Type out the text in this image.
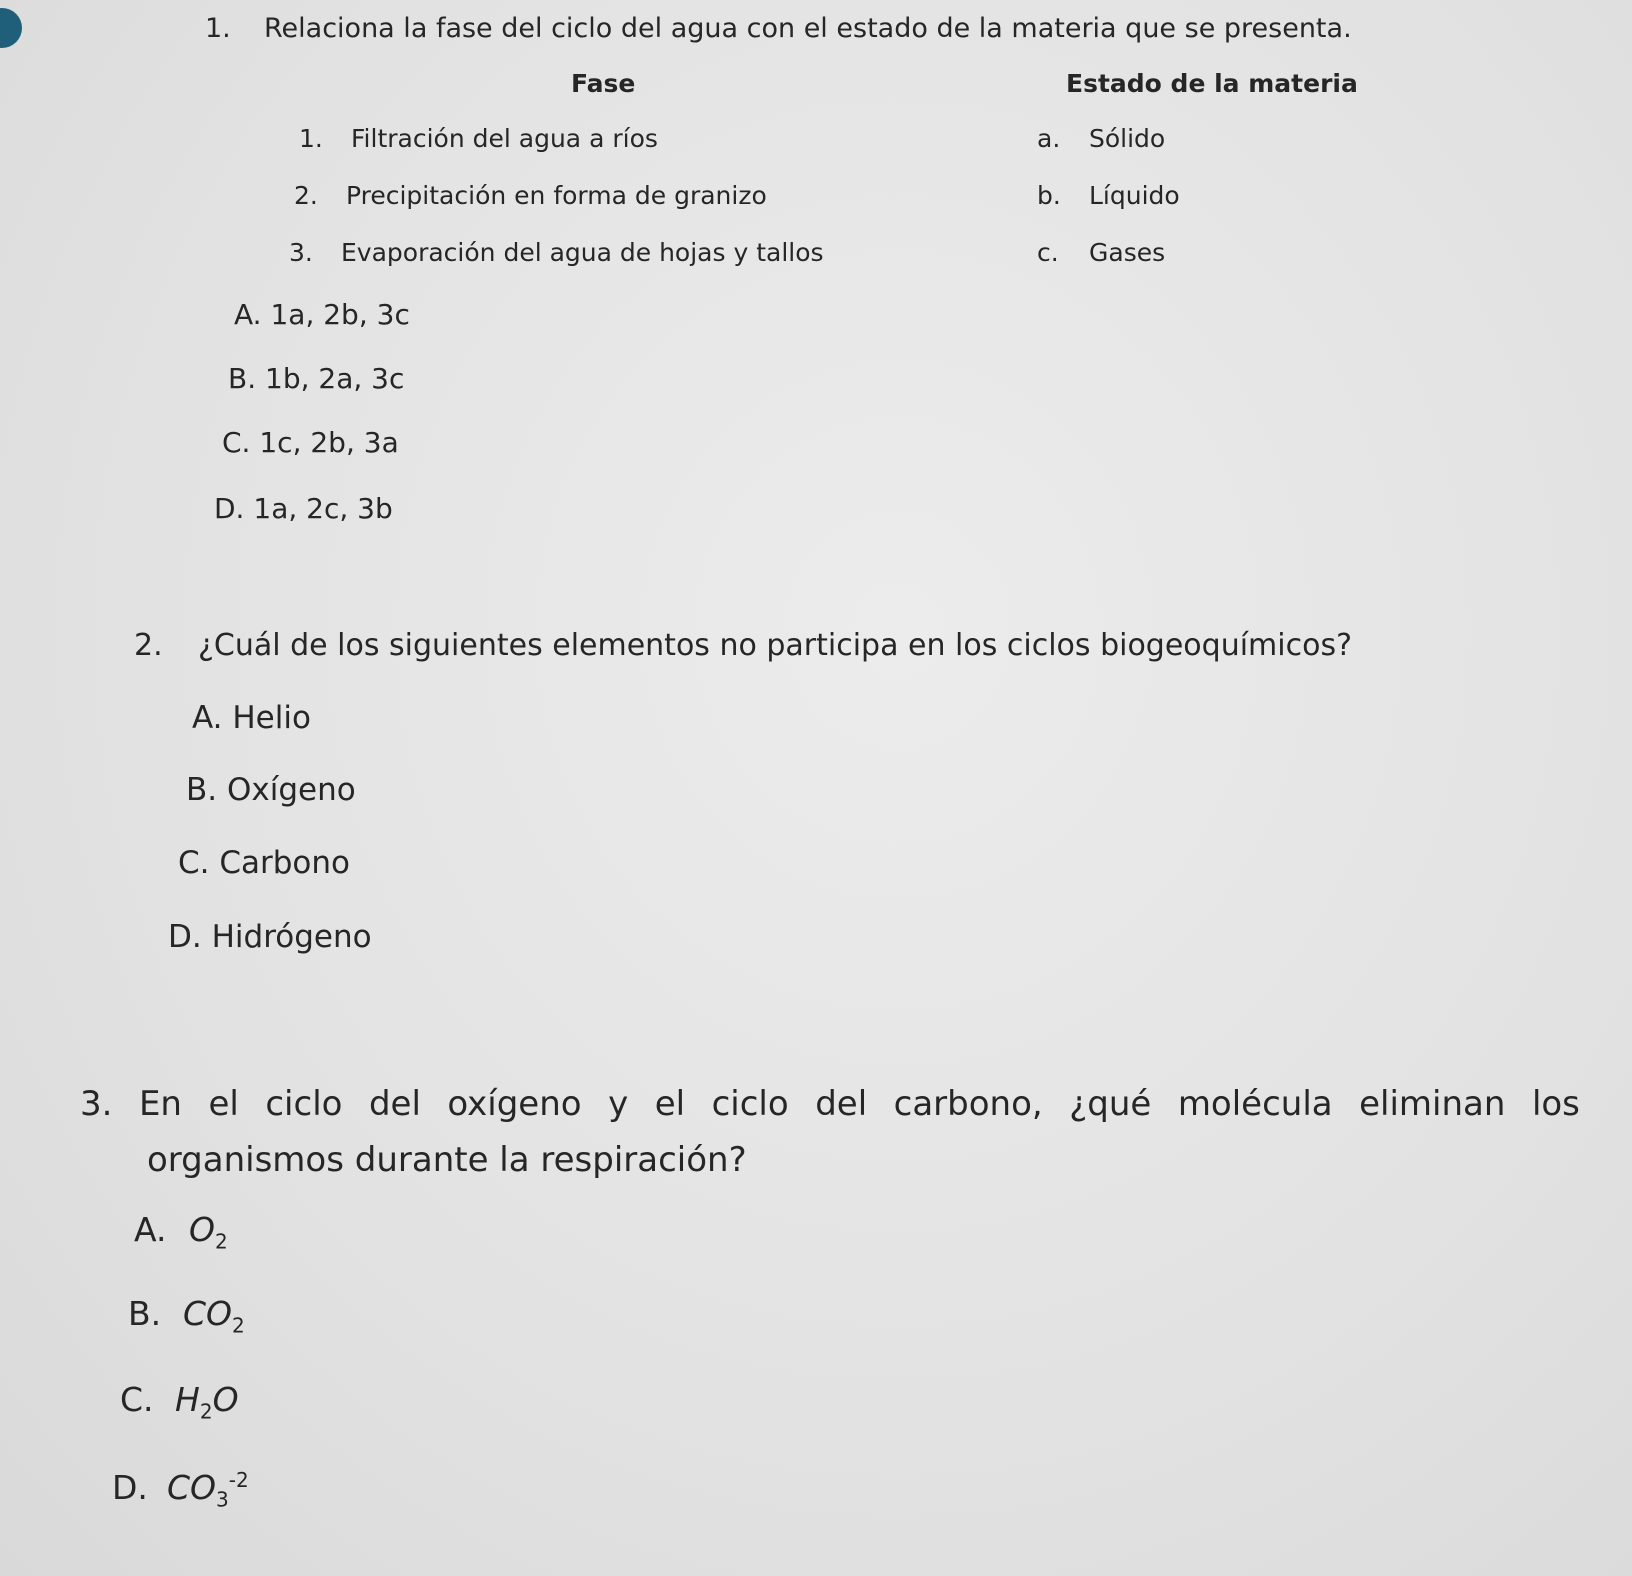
1. Relaciona la fase del ciclo del agua con el estado de la materia que se presenta.
Fase	Estado de la materia
1. Filtración del agua a ríos
2. Precipitación en forma de granizo
3. Evaporación del agua de hojas y tallos
a. Sólido
b. Líquido
c. Gases
A. 1a, 2b, 3c
B. 1b, 2a, 3c
C. 1c, 2b, 3a
D. 1a, 2c, 3b
2. ¿Cuál de los siguientes elementos no participa en los ciclos biogeoquímicos?
A. Helio
B. Oxígeno
C. Carbono
D. Hidrógeno
3. En el ciclo del oxígeno y el ciclo del carbono, ¿qué molécula eliminan los
organismos durante la respiración?
A. $O_2$
B. $CO_2$
C. $H_2O$
D. $CO_3^{-2}$
